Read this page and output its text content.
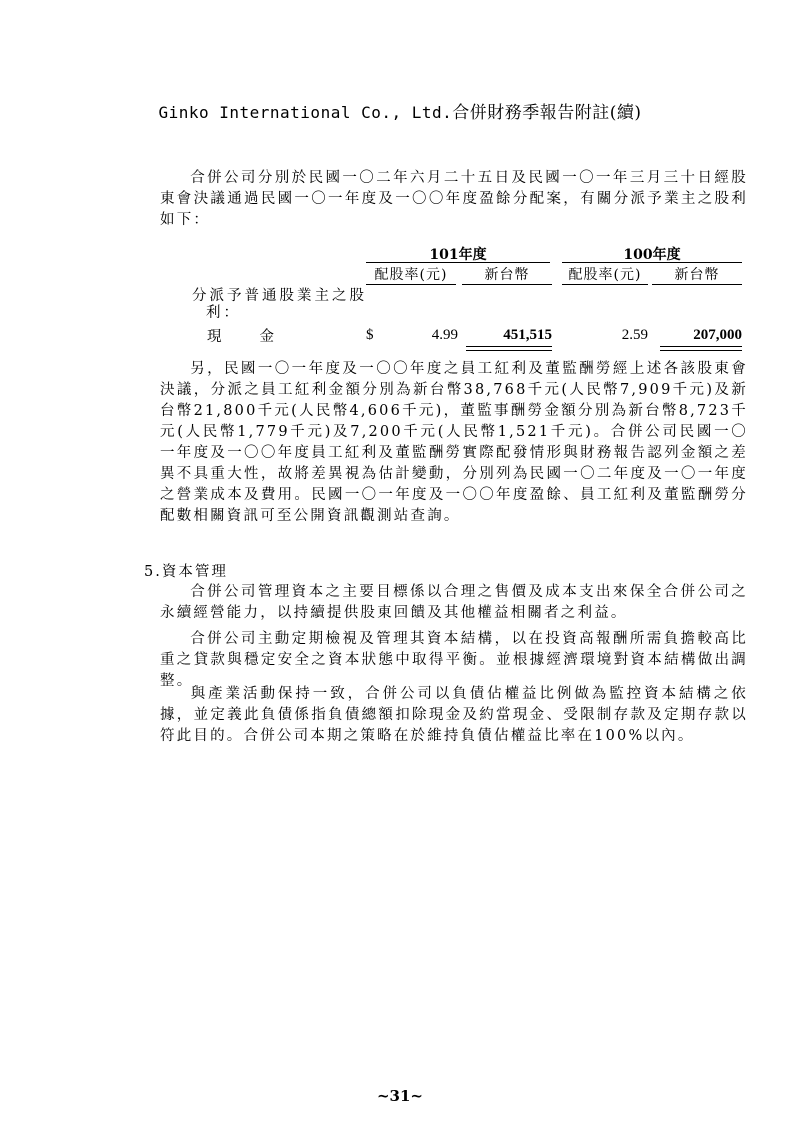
Ginko International Co., Ltd.合併財務季報告附註(續)
合併公司分別於民國一〇二年六月二十五日及民國一〇一年三月三十日經股東會決議通過民國一〇一年度及一〇〇年度盈餘分配案，有關分派予業主之股利如下：
101年度	100年度
配股率(元)	新台幣	配股率(元)	新台幣
分派予普通股業主之股
利：
現　　金	$	4.99	451,515	2.59	207,000
另，民國一〇一年度及一〇〇年度之員工紅利及董監酬勞經上述各該股東會決議，分派之員工紅利金額分別為新台幣38,768千元(人民幣7,909千元)及新台幣21,800千元(人民幣4,606千元)，董監事酬勞金額分別為新台幣8,723千元(人民幣1,779千元)及7,200千元(人民幣1,521千元)。合併公司民國一〇一年度及一〇〇年度員工紅利及董監酬勞實際配發情形與財務報告認列金額之差異不具重大性，故將差異視為估計變動，分別列為民國一〇二年度及一〇一年度之營業成本及費用。民國一〇一年度及一〇〇年度盈餘、員工紅利及董監酬勞分配數相關資訊可至公開資訊觀測站查詢。
5.資本管理
合併公司管理資本之主要目標係以合理之售價及成本支出來保全合併公司之永續經營能力，以持續提供股東回饋及其他權益相關者之利益。
合併公司主動定期檢視及管理其資本結構，以在投資高報酬所需負擔較高比重之貸款與穩定安全之資本狀態中取得平衡。並根據經濟環境對資本結構做出調整。
與產業活動保持一致，合併公司以負債佔權益比例做為監控資本結構之依據，並定義此負債係指負債總額扣除現金及約當現金、受限制存款及定期存款以符此目的。合併公司本期之策略在於維持負債佔權益比率在100%以內。
~31~
